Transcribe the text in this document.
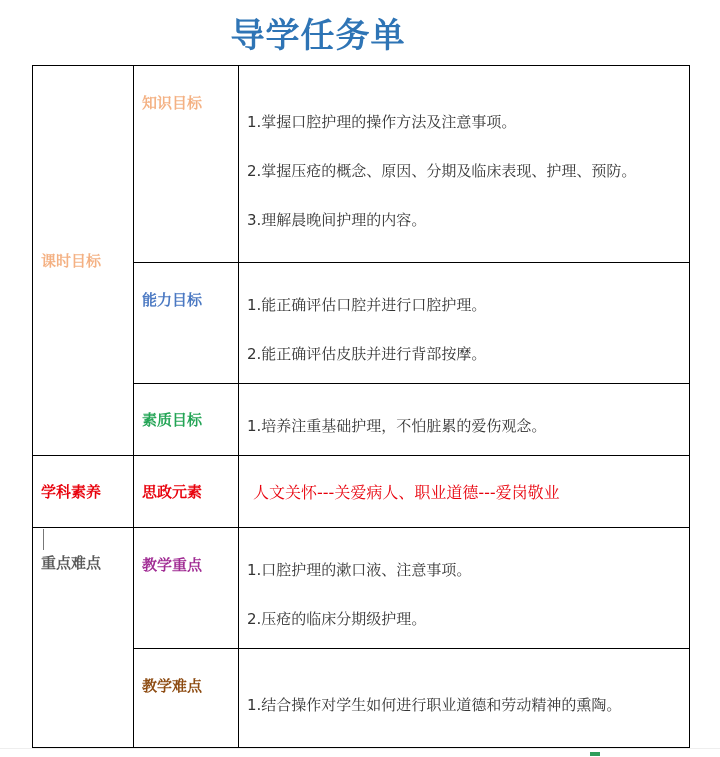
导学任务单
课时目标	知识目标	1.掌握口腔护理的操作方法及注意事项。

2.掌握压疮的概念、原因、分期及临床表现、护理、预防。

3.理解晨晚间护理的内容。

	能力目标	1.能正确评估口腔并进行口腔护理。

2.能正确评估皮肤并进行背部按摩。

	素质目标	1.培养注重基础护理，不怕脏累的爱伤观念。

学科素养	思政元素	人文关怀---关爱病人、职业道德---爱岗敬业
重点难点	教学重点	1.口腔护理的漱口液、注意事项。

2.压疮的临床分期级护理。

	教学难点	1.结合操作对学生如何进行职业道德和劳动精神的熏陶。
